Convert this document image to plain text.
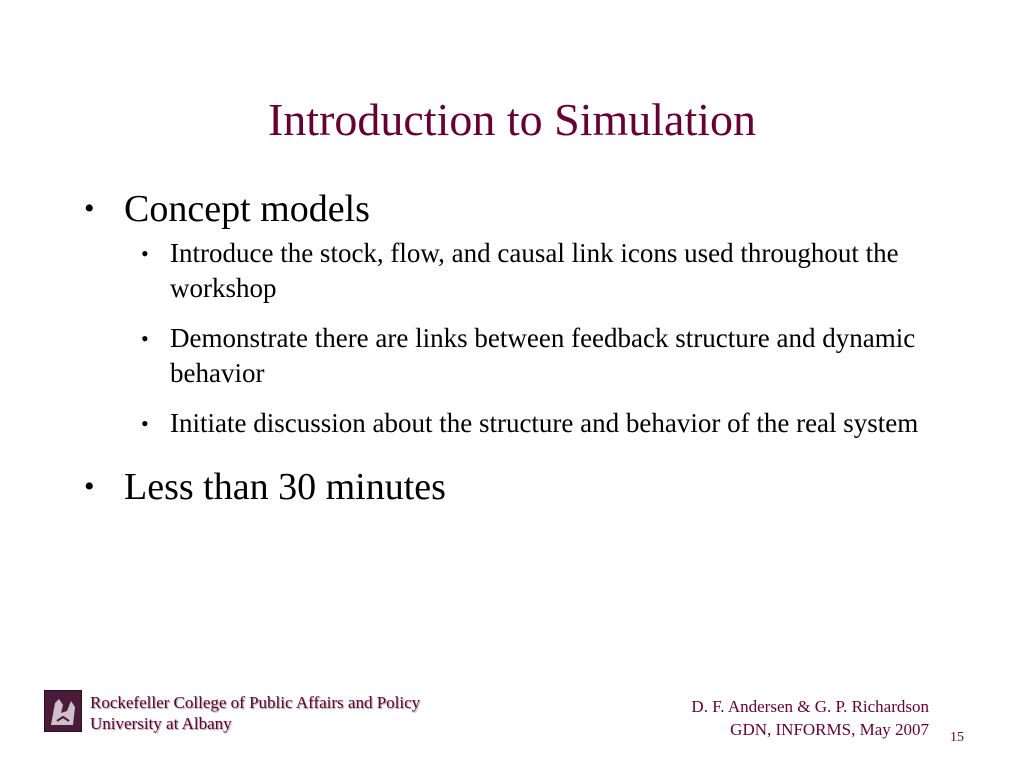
Introduction to Simulation
• Concept models
• Introduce the stock, flow, and causal link icons used throughout the workshop
• Demonstrate there are links between feedback structure and dynamic behavior
• Initiate discussion about the structure and behavior of the real system
• Less than 30 minutes
Rockefeller College of Public Affairs and Policy
University at Albany
D. F. Andersen & G. P. Richardson
GDN, INFORMS, May 2007 15
